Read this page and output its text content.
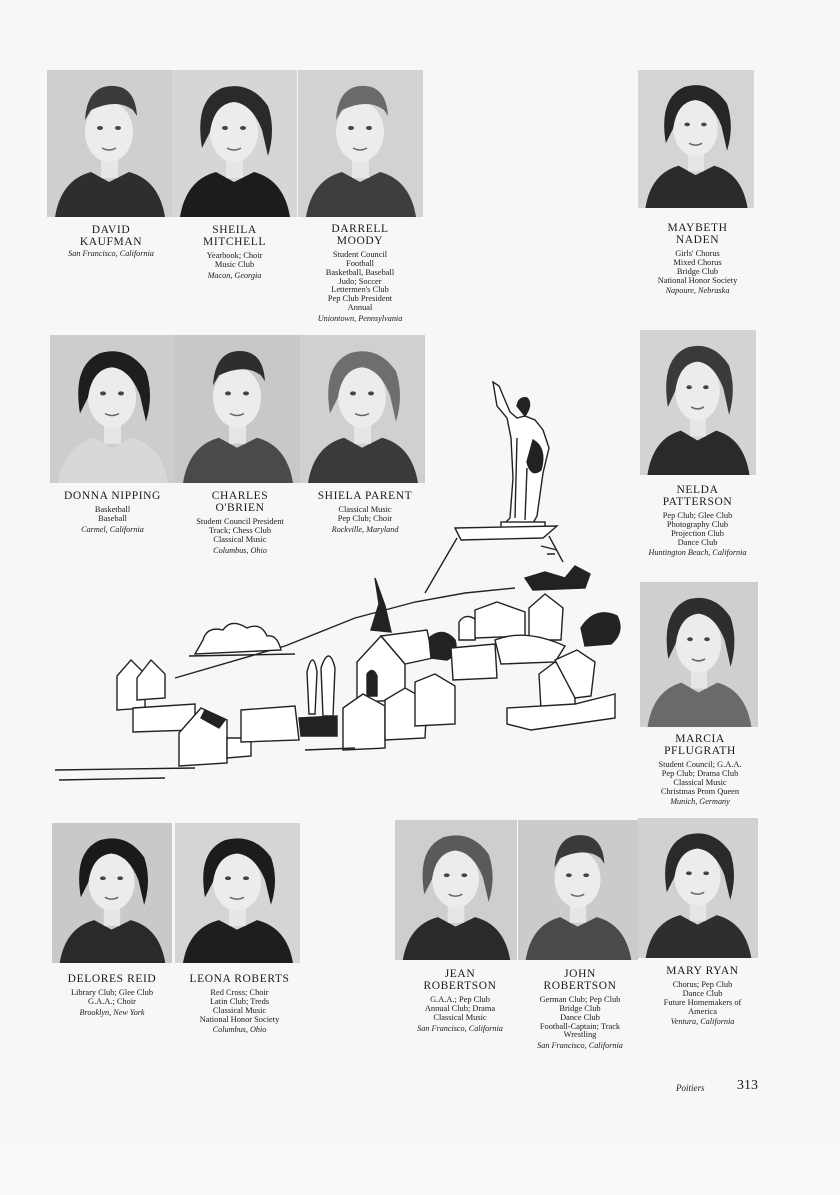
DAVID
KAUFMAN
San Francisco, California
SHEILA
MITCHELL
Yearbook; Choir
Music Club
Macon, Georgia
DARRELL
MOODY
Student Council
Football
Basketball, Baseball
Judo; Soccer
Lettermen's Club
Pep Club President
Annual
Uniontown, Pennsylvania
MAYBETH
NADEN
Girls' Chorus
Mixed Chorus
Bridge Club
National Honor Society
Napoure, Nebraska
DONNA NIPPING
Basketball
Baseball
Carmel, California
CHARLES
O'BRIEN
Student Council President
Track; Chess Club
Classical Music
Columbus, Ohio
SHIELA PARENT
Classical Music
Pep Club; Choir
Rockville, Maryland
NELDA
PATTERSON
Pep Club; Glee Club
Photography Club
Projection Club
Dance Club
Huntington Beach, California
MARCIA
PFLUGRATH
Student Council; G.A.A.
Pep Club; Drama Club
Classical Music
Christmas Prom Queen
Munich, Germany
DELORES REID
Library Club; Glee Club
G.A.A.; Choir
Brooklyn, New York
LEONA ROBERTS
Red Cross; Choir
Latin Club; Treds
Classical Music
National Honor Society
Columbus, Ohio
JEAN
ROBERTSON
G.A.A.; Pep Club
Annual Club; Drama
Classical Music
San Francisco, California
JOHN
ROBERTSON
German Club; Pep Club
Bridge Club
Dance Club
Football-Captain; Track
Wrestling
San Francisco, California
MARY RYAN
Chorus; Pep Club
Dance Club
Future Homemakers of
America
Ventura, California
Poitiers 313
